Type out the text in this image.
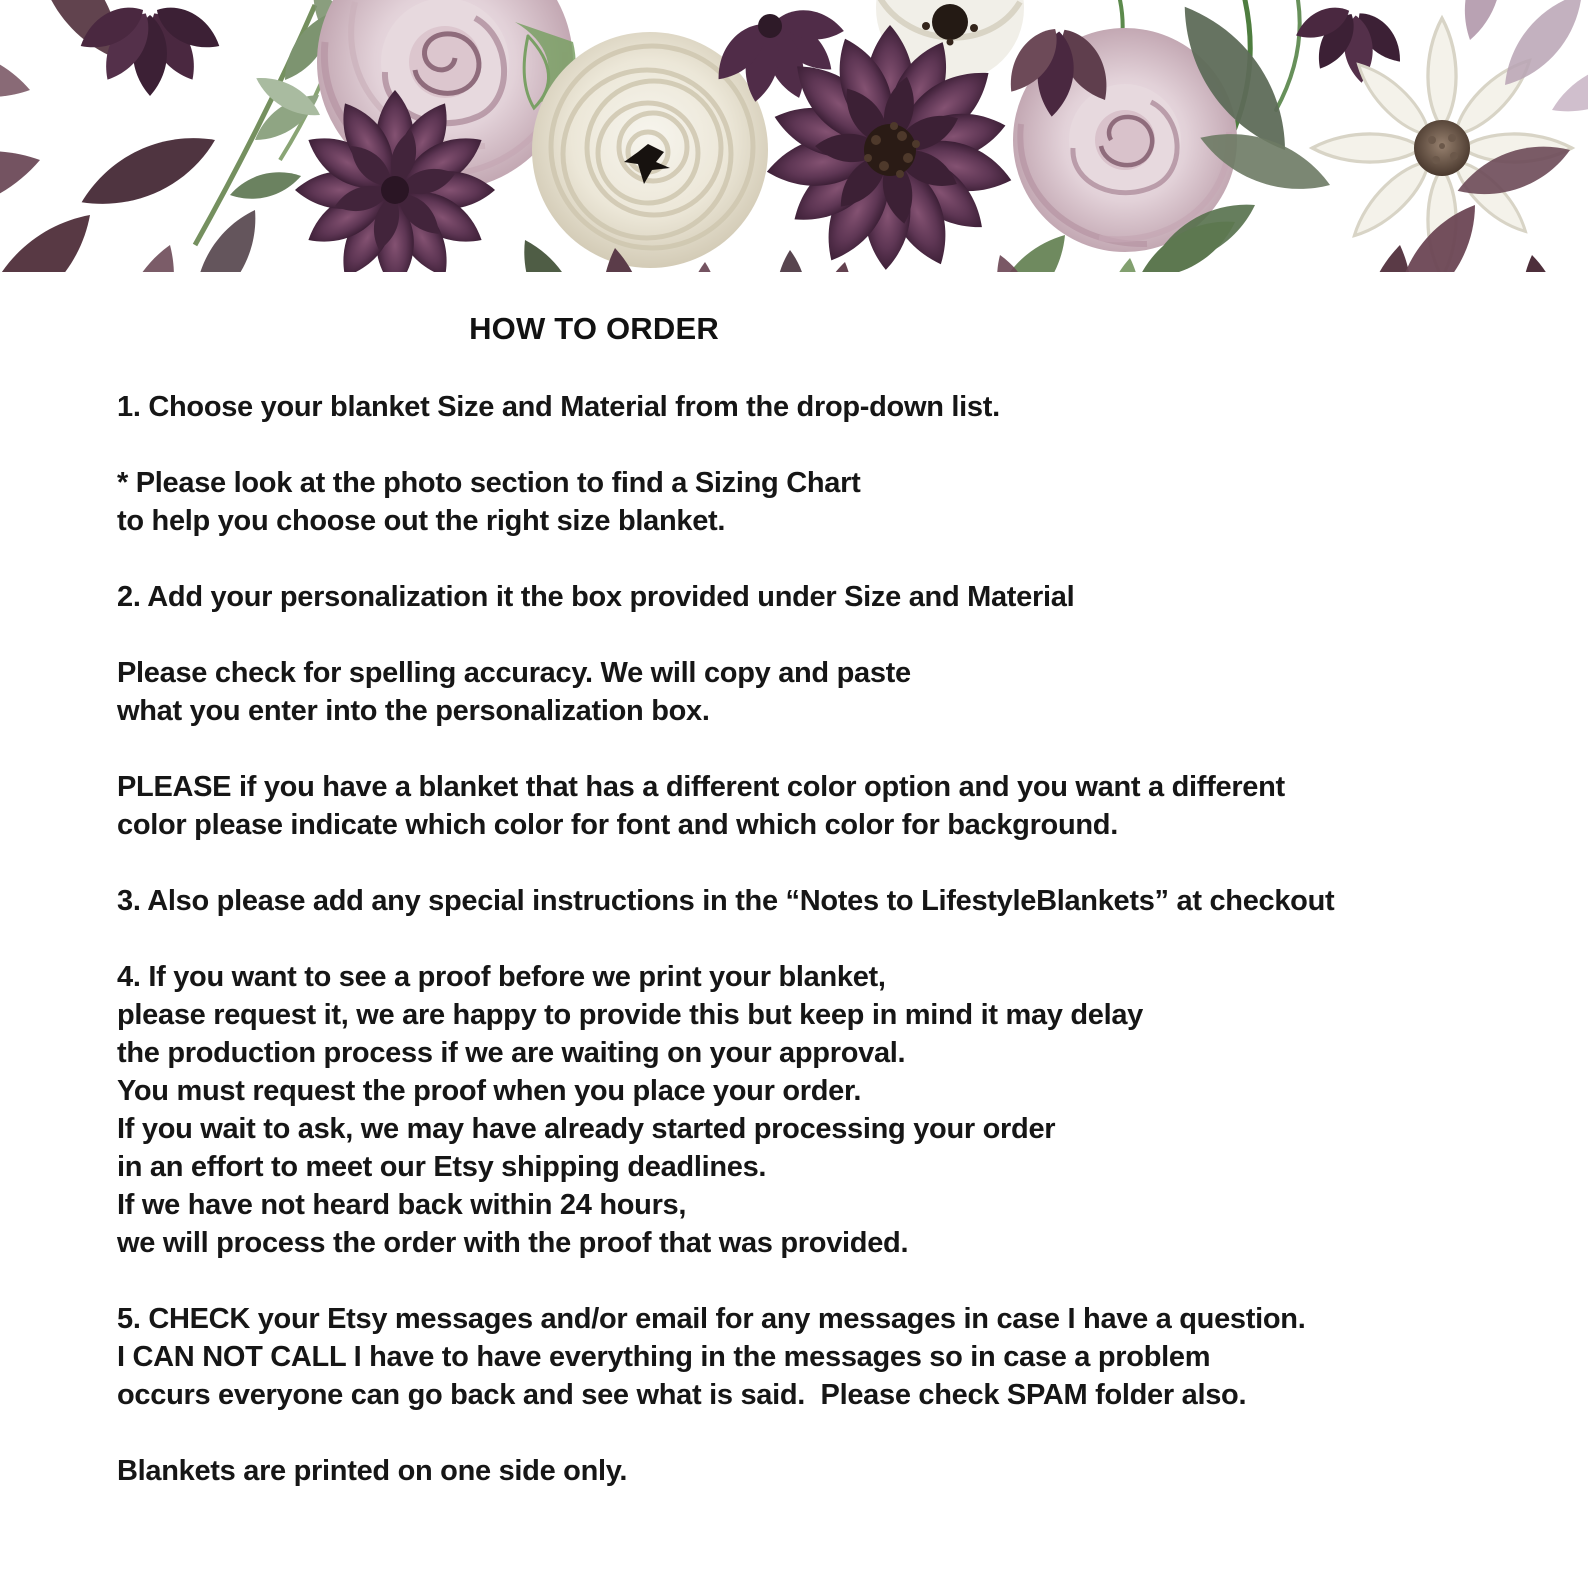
HOW TO ORDER
1. Choose your blanket Size and Material from the drop-down list.
* Please look at the photo section to find a Sizing Chart
to help you choose out the right size blanket.
2. Add your personalization it the box provided under Size and Material
Please check for spelling accuracy. We will copy and paste
what you enter into the personalization box.
PLEASE if you have a blanket that has a different color option and you want a different
color please indicate which color for font and which color for background.
3. Also please add any special instructions in the “Notes to LifestyleBlankets” at checkout
4. If you want to see a proof before we print your blanket,
please request it, we are happy to provide this but keep in mind it may delay
the production process if we are waiting on your approval.
You must request the proof when you place your order.
If you wait to ask, we may have already started processing your order
in an effort to meet our Etsy shipping deadlines.
If we have not heard back within 24 hours,
we will process the order with the proof that was provided.
5. CHECK your Etsy messages and/or email for any messages in case I have a question.
I CAN NOT CALL I have to have everything in the messages so in case a problem
occurs everyone can go back and see what is said.  Please check SPAM folder also.
Blankets are printed on one side only.
